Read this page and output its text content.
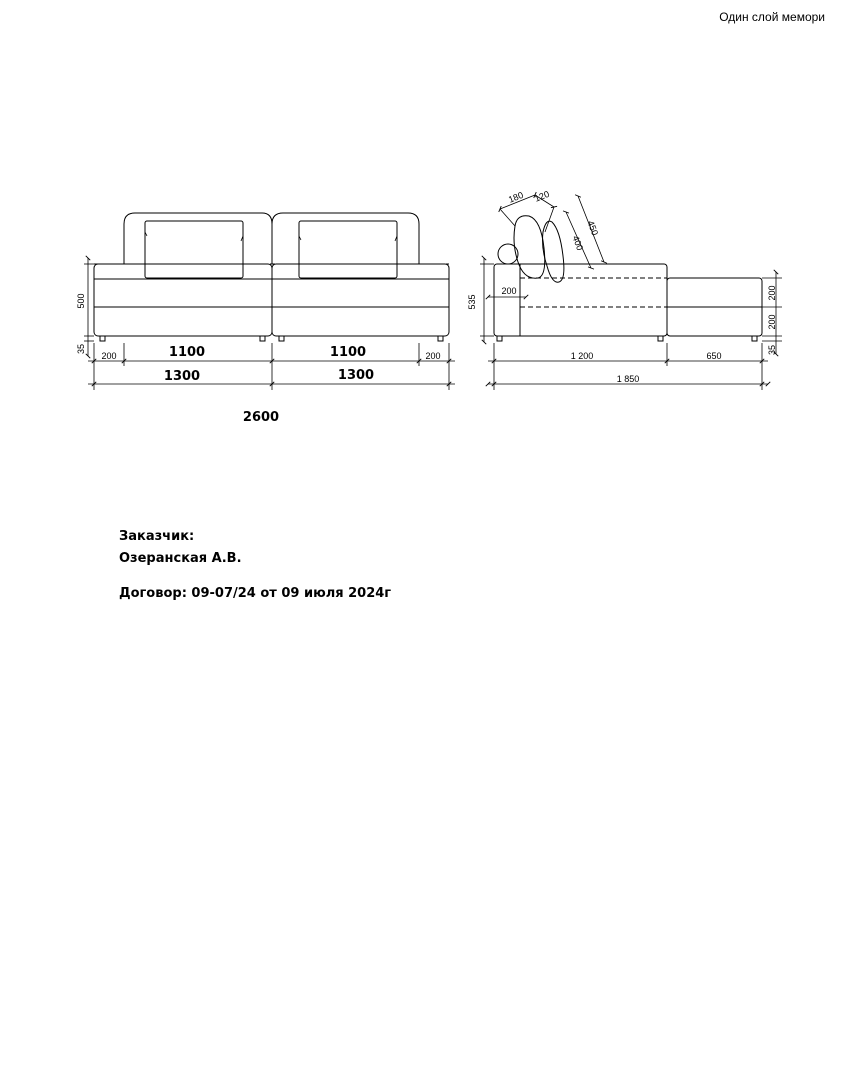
Один слой мемори
500
35
200	1100	1100	200
1300	1300
2600
180 120
400
450
535
200	200
200
35
1 200	650
1 850
Заказчик:
Озеранская А.В.
Договор: 09-07/24 от 09 июля 2024г
